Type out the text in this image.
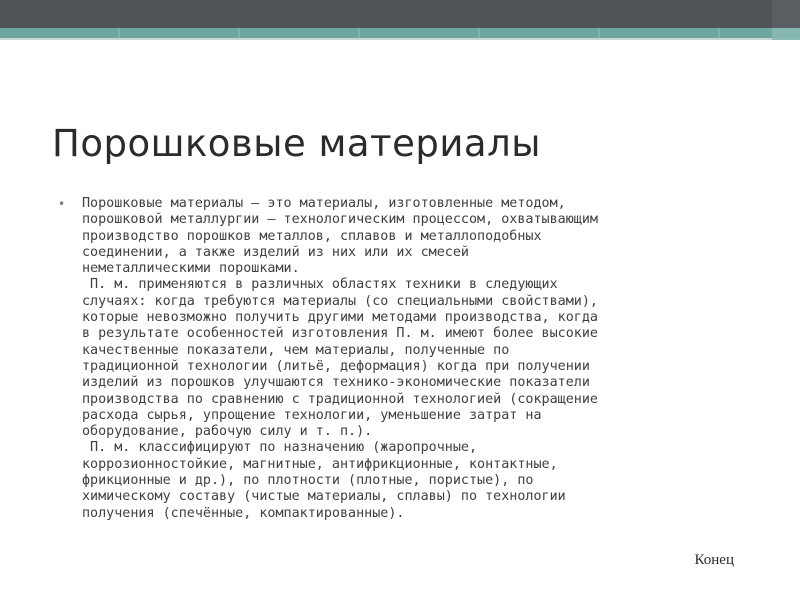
Порошковые материалы
• Порошковые материалы – это материалы, изготовленные методом,
порошковой металлургии — технологическим процессом, охватывающим
производство порошков металлов, сплавов и металлоподобных
соединении, а также изделий из них или их смесей
неметаллическими порошками.
П. м. применяются в различных областях техники в следующих
случаях: когда требуются материалы (со специальными свойствами),
которые невозможно получить другими методами производства, когда
в результате особенностей изготовления П. м. имеют более высокие
качественные показатели, чем материалы, полученные по
традиционной технологии (литьё, деформация) когда при получении
изделий из порошков улучшаются технико-экономические показатели
производства по сравнению с традиционной технологией (сокращение
расхода сырья, упрощение технологии, уменьшение затрат на
оборудование, рабочую силу и т. п.).
П. м. классифицируют по назначению (жаропрочные,
коррозионностойкие, магнитные, антифрикционные, контактные,
фрикционные и др.), по плотности (плотные, пористые), по
химическому составу (чистые материалы, сплавы) по технологии
получения (спечённые, компактированные).
Конец
